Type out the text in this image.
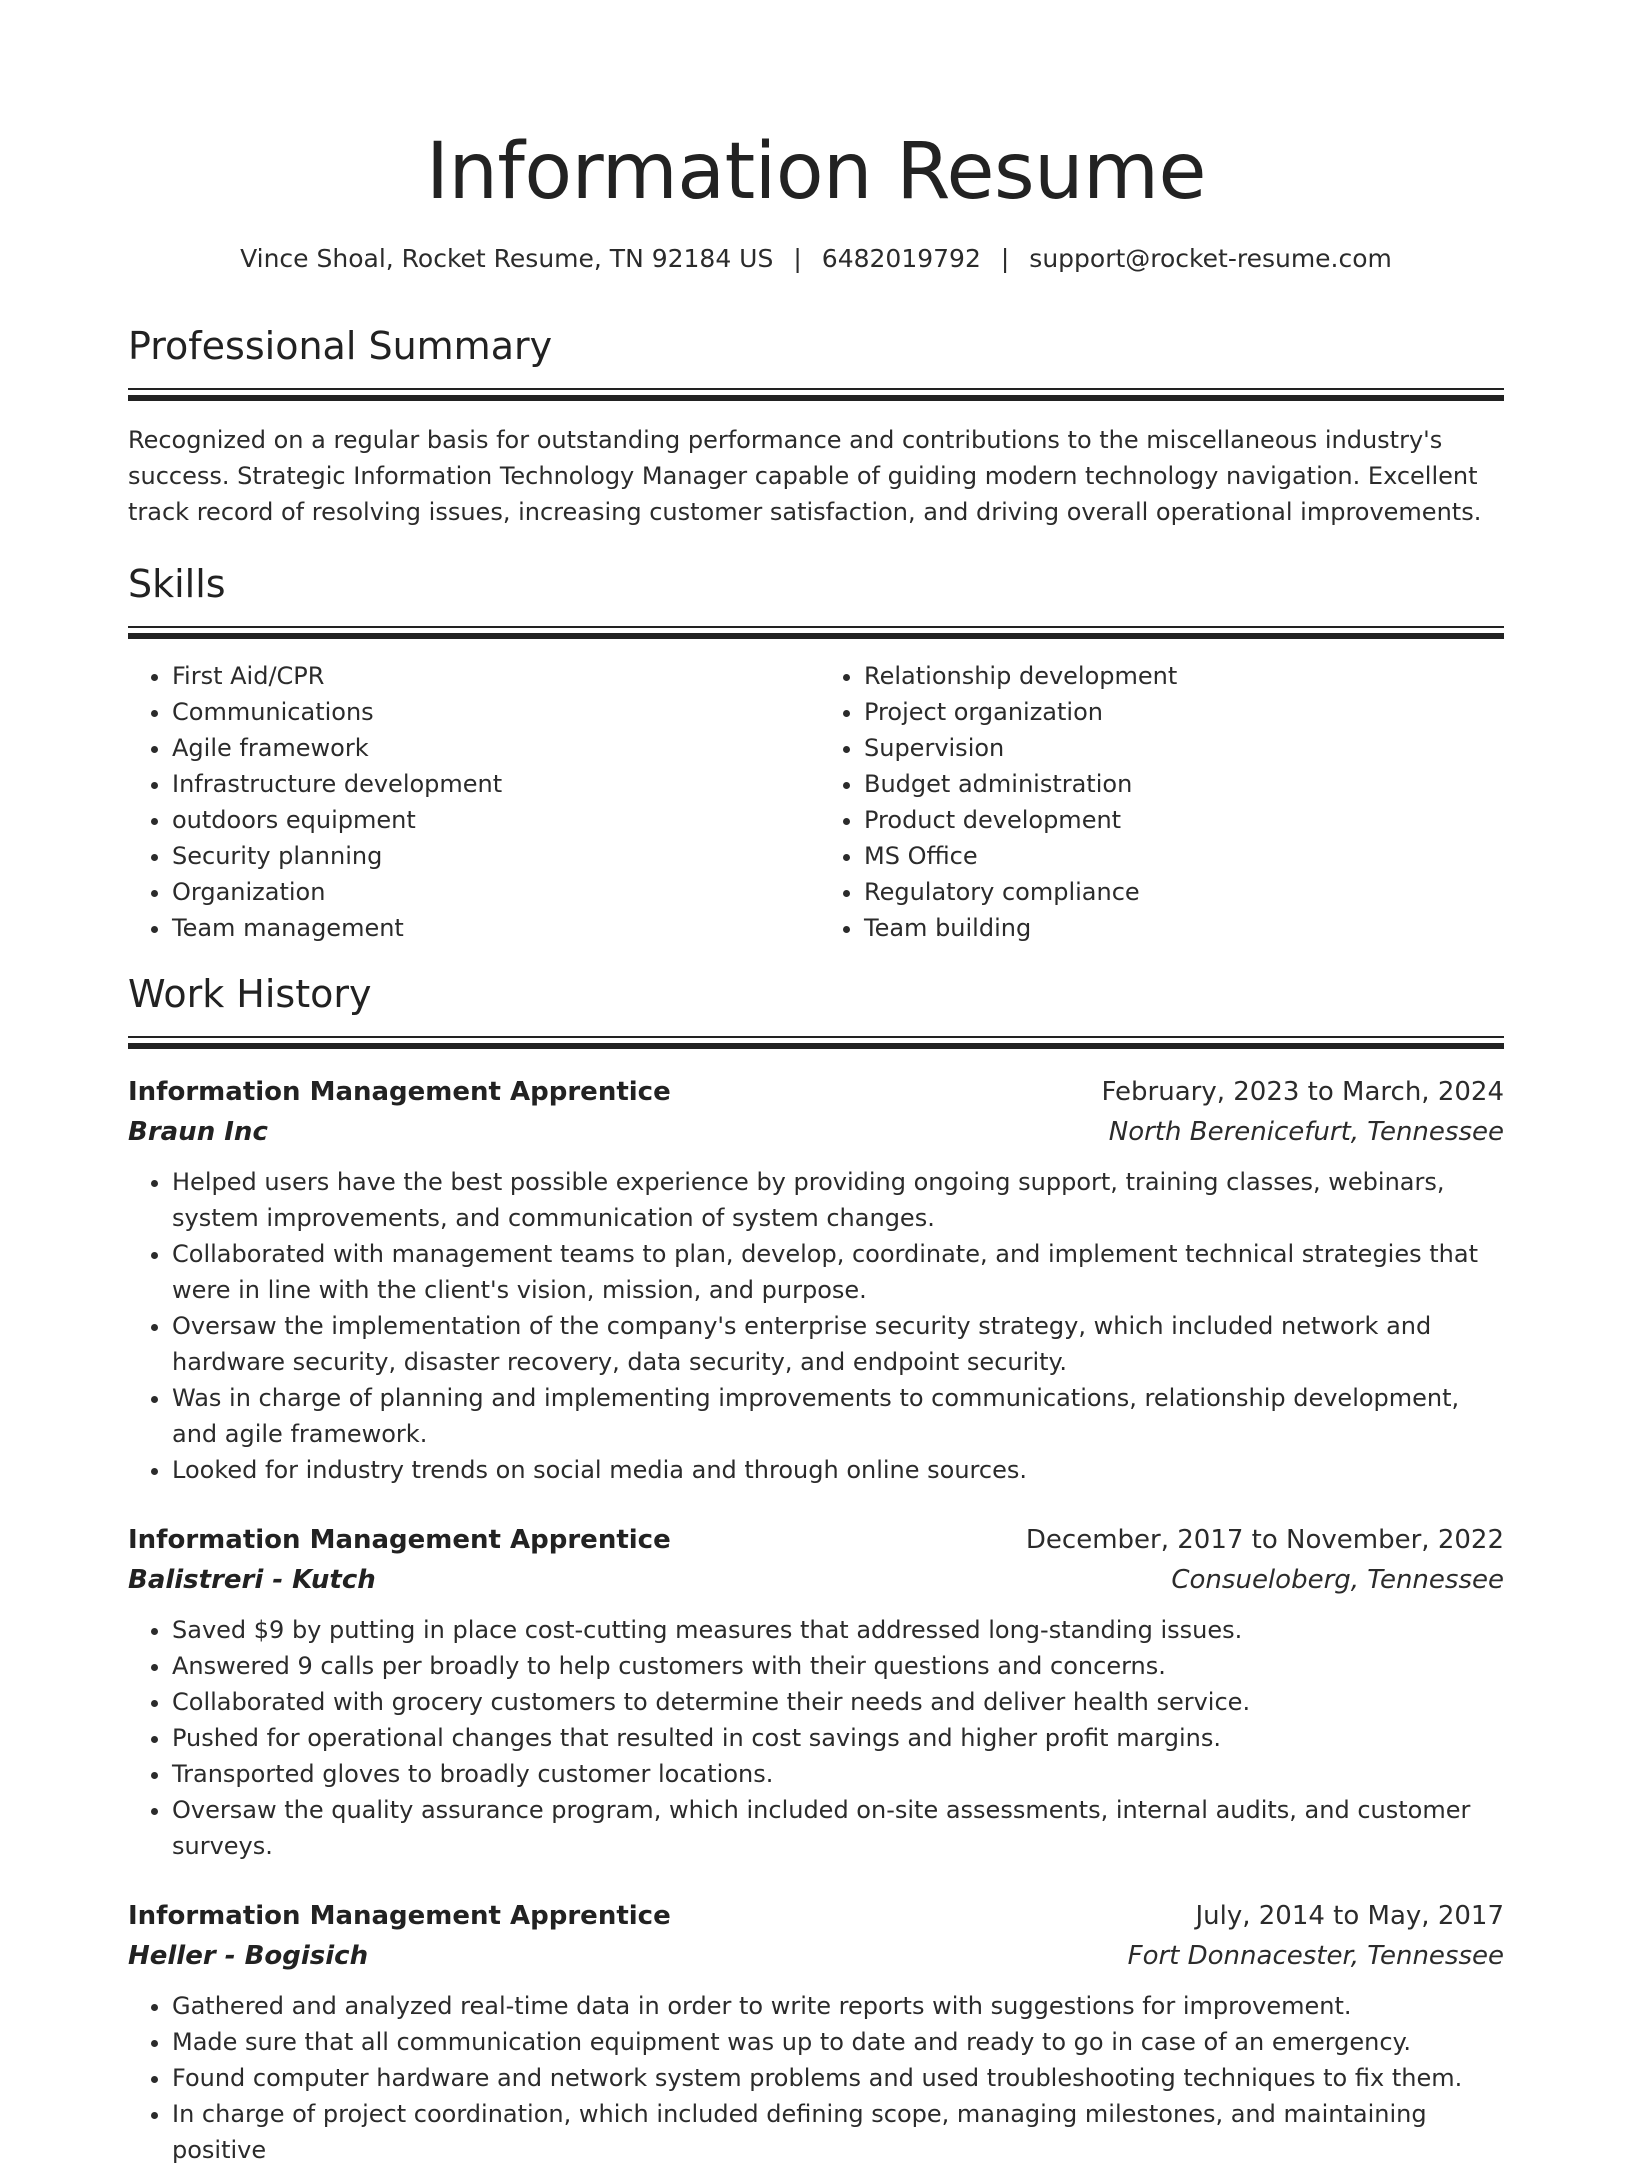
Information Resume
Vince Shoal, Rocket Resume, TN 92184 US | 6482019792 | support@rocket-resume.com
Professional Summary
Recognized on a regular basis for outstanding performance and contributions to the miscellaneous industry's success. Strategic Information Technology Manager capable of guiding modern technology navigation. Excellent track record of resolving issues, increasing customer satisfaction, and driving overall operational improvements.
Skills
• First Aid/CPR
• Communications
• Agile framework
• Infrastructure development
• outdoors equipment
• Security planning
• Organization
• Team management
• Relationship development
• Project organization
• Supervision
• Budget administration
• Product development
• MS Office
• Regulatory compliance
• Team building
Work History
Information Management Apprentice	February, 2023 to March, 2024
Braun Inc	North Berenicefurt, Tennessee
• Helped users have the best possible experience by providing ongoing support, training classes, webinars, system improvements, and communication of system changes.
• Collaborated with management teams to plan, develop, coordinate, and implement technical strategies that were in line with the client's vision, mission, and purpose.
• Oversaw the implementation of the company's enterprise security strategy, which included network and hardware security, disaster recovery, data security, and endpoint security.
• Was in charge of planning and implementing improvements to communications, relationship development, and agile framework.
• Looked for industry trends on social media and through online sources.
Information Management Apprentice	December, 2017 to November, 2022
Balistreri - Kutch	Consueloberg, Tennessee
• Saved $9 by putting in place cost-cutting measures that addressed long-standing issues.
• Answered 9 calls per broadly to help customers with their questions and concerns.
• Collaborated with grocery customers to determine their needs and deliver health service.
• Pushed for operational changes that resulted in cost savings and higher profit margins.
• Transported gloves to broadly customer locations.
• Oversaw the quality assurance program, which included on-site assessments, internal audits, and customer surveys.
Information Management Apprentice	July, 2014 to May, 2017
Heller - Bogisich	Fort Donnacester, Tennessee
• Gathered and analyzed real-time data in order to write reports with suggestions for improvement.
• Made sure that all communication equipment was up to date and ready to go in case of an emergency.
• Found computer hardware and network system problems and used troubleshooting techniques to fix them.
• In charge of project coordination, which included defining scope, managing milestones, and maintaining positive
